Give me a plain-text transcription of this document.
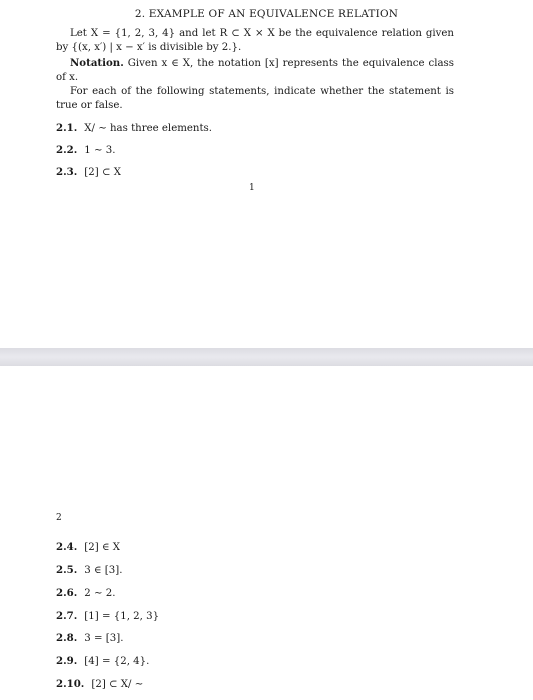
2. EXAMPLE OF AN EQUIVALENCE RELATION

Let X = {1, 2, 3, 4} and let R ⊂ X × X be the equivalence relation given by {(x, x′) | x − x′ is divisible by 2.}.

Notation. Given x ∈ X, the notation [x] represents the equivalence class of x.

For each of the following statements, indicate whether the statement is true or false.

2.1. X/ ∼ has three elements.
2.2. 1 ∼ 3.
2.3. [2] ⊂ X
1
2
2.4. [2] ∈ X
2.5. 3 ∈ [3].
2.6. 2 ∼ 2.
2.7. [1] = {1, 2, 3}
2.8. 3 = [3].
2.9. [4] = {2, 4}.
2.10. [2] ⊂ X/ ∼
